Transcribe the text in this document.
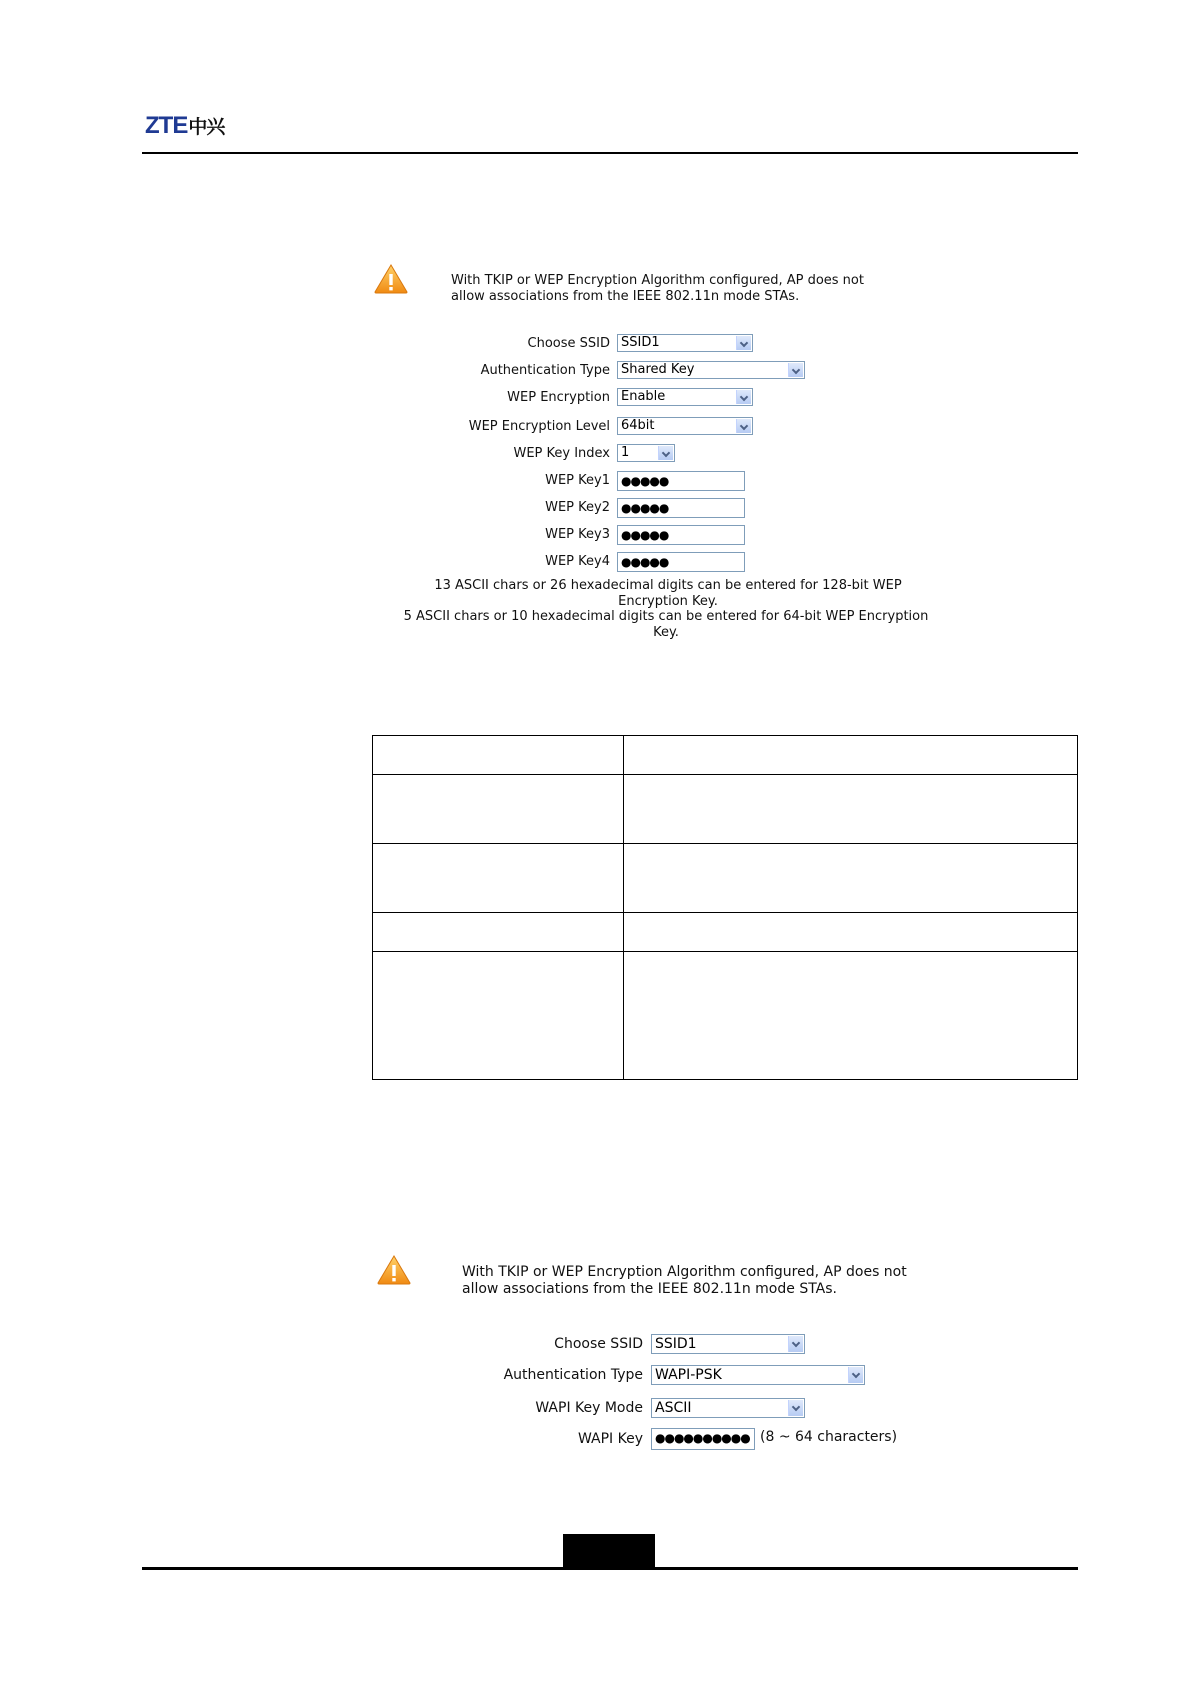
ZTE中兴
With TKIP or WEP Encryption Algorithm configured, AP does not
allow associations from the IEEE 802.11n mode STAs.
Choose SSID SSID1
Authentication Type Shared Key
WEP Encryption Enable
WEP Encryption Level 64bit
WEP Key Index 1
WEP Key1 ●●●●●
WEP Key2 ●●●●●
WEP Key3 ●●●●●
WEP Key4 ●●●●●
13 ASCII chars or 26 hexadecimal digits can be entered for 128-bit WEP Encryption Key.
5 ASCII chars or 10 hexadecimal digits can be entered for 64-bit WEP Encryption Key.

With TKIP or WEP Encryption Algorithm configured, AP does not
allow associations from the IEEE 802.11n mode STAs.
Choose SSID SSID1
Authentication Type WAPI-PSK
WAPI Key Mode ASCII
WAPI Key	●●●●●●●●●● (8 ~ 64 characters)
